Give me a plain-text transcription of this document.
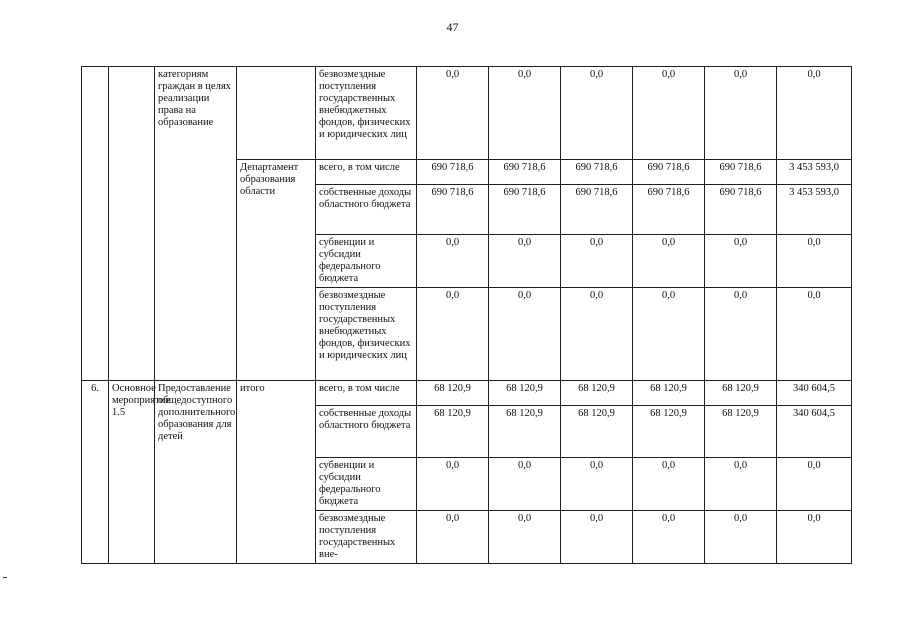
47
		категориям граждан в целях реализации права на образование		безвозмездные поступления государственных внебюджетных фондов, физических и юридических лиц	0,0	0,0	0,0	0,0	0,0	0,0
			Департамент образования области	всего, в том числе	690 718,6	690 718,6	690 718,6	690 718,6	690 718,6	3 453 593,0
				собственные доходы областного бюджета	690 718,6	690 718,6	690 718,6	690 718,6	690 718,6	3 453 593,0
				субвенции и субсидии федерального бюджета	0,0	0,0	0,0	0,0	0,0	0,0
				безвозмездные поступления государственных внебюджетных фондов, физических и юридических лиц	0,0	0,0	0,0	0,0	0,0	0,0
6.	Основное мероприятие 1.5	Предоставление общедоступного дополнительного образования для детей	итого	всего, в том числе	68 120,9	68 120,9	68 120,9	68 120,9	68 120,9	340 604,5
				собственные доходы областного бюджета	68 120,9	68 120,9	68 120,9	68 120,9	68 120,9	340 604,5
				субвенции и субсидии федерального бюджета	0,0	0,0	0,0	0,0	0,0	0,0
				безвозмездные поступления государственных вне-	0,0	0,0	0,0	0,0	0,0	0,0
